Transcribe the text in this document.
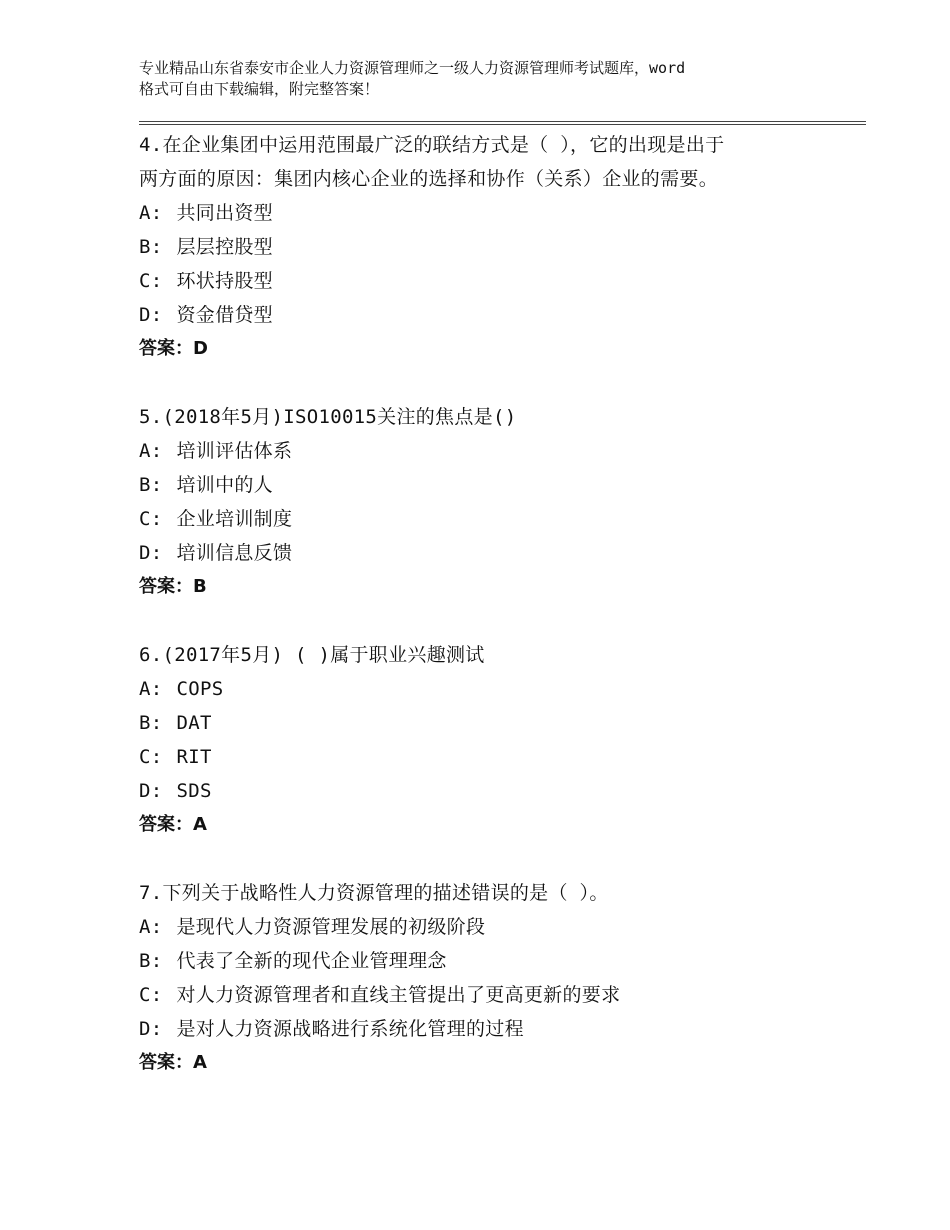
专业精品山东省泰安市企业人力资源管理师之一级人力资源管理师考试题库，word
格式可自由下载编辑，附完整答案！
4.在企业集团中运用范围最广泛的联结方式是（ ），它的出现是出于
两方面的原因：集团内核心企业的选择和协作（关系）企业的需要。
A: 共同出资型
B: 层层控股型
C: 环状持股型
D: 资金借贷型
答案：D
5.(2018年5月)ISO10015关注的焦点是()
A: 培训评估体系
B: 培训中的人
C: 企业培训制度
D: 培训信息反馈
答案：B
6.(2017年5月) ( )属于职业兴趣测试
A: COPS
B: DAT
C: RIT
D: SDS
答案：A
7.下列关于战略性人力资源管理的描述错误的是（ ）。
A: 是现代人力资源管理发展的初级阶段
B: 代表了全新的现代企业管理理念
C: 对人力资源管理者和直线主管提出了更高更新的要求
D: 是对人力资源战略进行系统化管理的过程
答案：A
